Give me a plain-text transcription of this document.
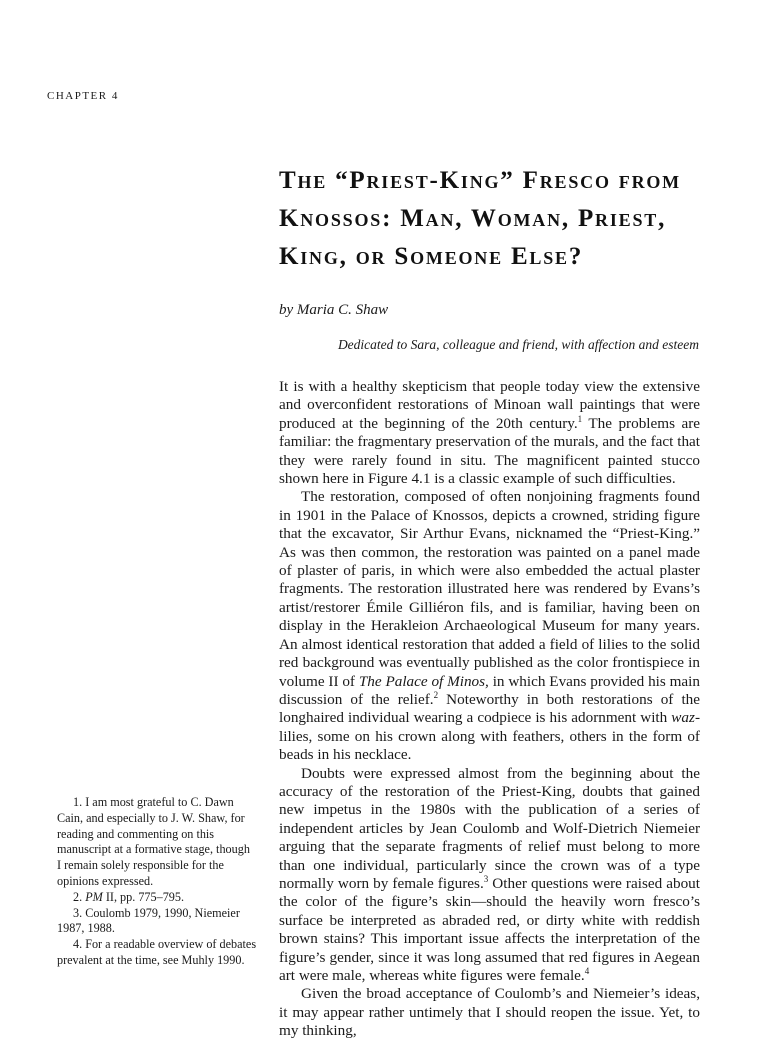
CHAPTER 4
The “Priest-King” Fresco from
Knossos: Man, Woman, Priest,
King, or Someone Else?
by Maria C. Shaw
Dedicated to Sara, colleague and friend, with affection and esteem

It is with a healthy skepticism that people today view the extensive and overconfident restorations of Minoan wall paintings that were produced at the beginning of the 20th century.$^1$ The problems are familiar: the fragmentary preservation of the murals, and the fact that they were rarely found in situ. The magnificent painted stucco shown here in Figure 4.1 is a classic example of such difficulties.

The restoration, composed of often nonjoining fragments found in 1901 in the Palace of Knossos, depicts a crowned, striding figure that the excavator, Sir Arthur Evans, nicknamed the “Priest-King.” As was then common, the restoration was painted on a panel made of plaster of paris, in which were also embedded the actual plaster fragments. The restoration illustrated here was rendered by Evans’s artist/restorer Émile Gilliéron fils, and is familiar, having been on display in the Herakleion Archaeological Museum for many years. An almost identical restoration that added a field of lilies to the solid red background was eventually published as the color frontispiece in volume II of The Palace of Minos, in which Evans provided his main discussion of the relief.$^2$ Noteworthy in both restorations of the longhaired individual wearing a codpiece is his adornment with waz-lilies, some on his crown along with feathers, others in the form of beads in his necklace.

Doubts were expressed almost from the beginning about the accuracy of the restoration of the Priest-King, doubts that gained new impetus in the 1980s with the publication of a series of independent articles by Jean Coulomb and Wolf-Dietrich Niemeier arguing that the separate fragments of relief must belong to more than one individual, particularly since the crown was of a type normally worn by female figures.$^3$ Other questions were raised about the color of the figure’s skin—should the heavily worn fresco’s surface be interpreted as abraded red, or dirty white with reddish brown stains? This important issue affects the interpretation of the figure’s gender, since it was long assumed that red figures in Aegean art were male, whereas white figures were female.$^4$

Given the broad acceptance of Coulomb’s and Niemeier’s ideas, it may appear rather untimely that I should reopen the issue. Yet, to my thinking,

1. I am most grateful to C. Dawn Cain, and especially to J. W. Shaw, for reading and commenting on this manuscript at a formative stage, though I remain solely responsible for the opinions expressed.

2. PM II, pp. 775–795.

3. Coulomb 1979, 1990, Niemeier 1987, 1988.

4. For a readable overview of debates prevalent at the time, see Muhly 1990.
